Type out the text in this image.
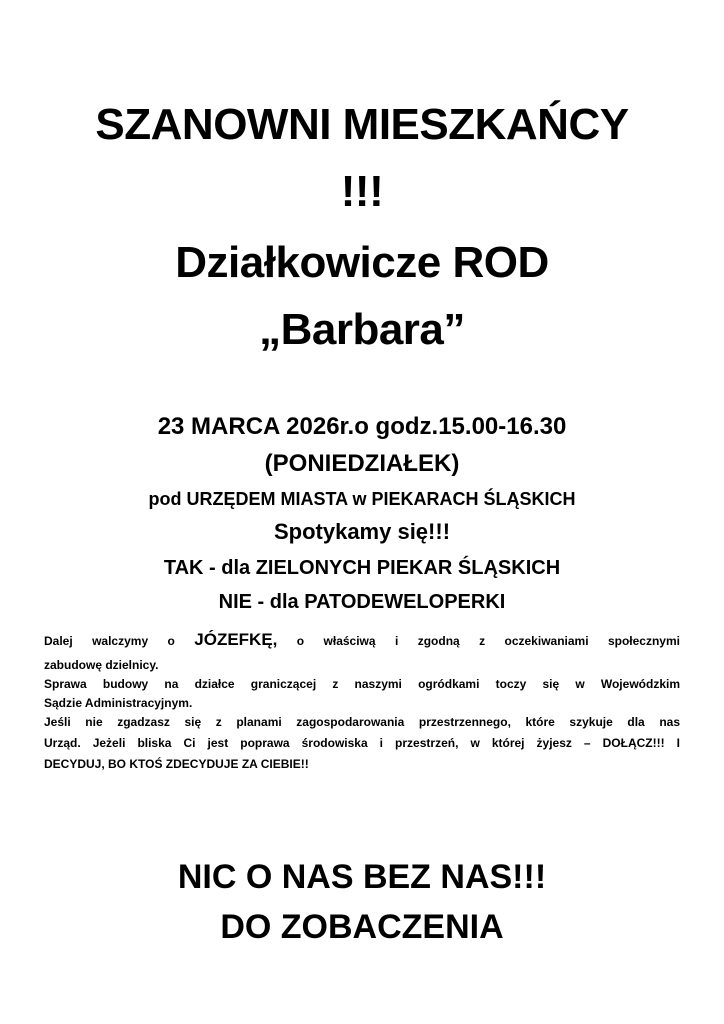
SZANOWNI MIESZKAŃCY
!!!
Działkowicze ROD
„Barbara”
23 MARCA 2026r.o godz.15.00-16.30
(PONIEDZIAŁEK)
pod URZĘDEM MIASTA w PIEKARACH ŚLĄSKICH
Spotykamy się!!!
TAK - dla ZIELONYCH PIEKAR ŚLĄSKICH
NIE - dla PATODEWELOPERKI
Dalej walczymy o JÓZEFKĘ, o właściwą i zgodną z oczekiwaniami społecznymi
zabudowę dzielnicy.
Sprawa budowy na działce graniczącej z naszymi ogródkami toczy się w Wojewódzkim
Sądzie Administracyjnym.
Jeśli nie zgadzasz się z planami zagospodarowania przestrzennego, które szykuje dla nas
Urząd. Jeżeli bliska Ci jest poprawa środowiska i przestrzeń, w której żyjesz – DOŁĄCZ!!! I
DECYDUJ, BO KTOŚ ZDECYDUJE ZA CIEBIE!!
NIC O NAS BEZ NAS!!!
DO ZOBACZENIA
